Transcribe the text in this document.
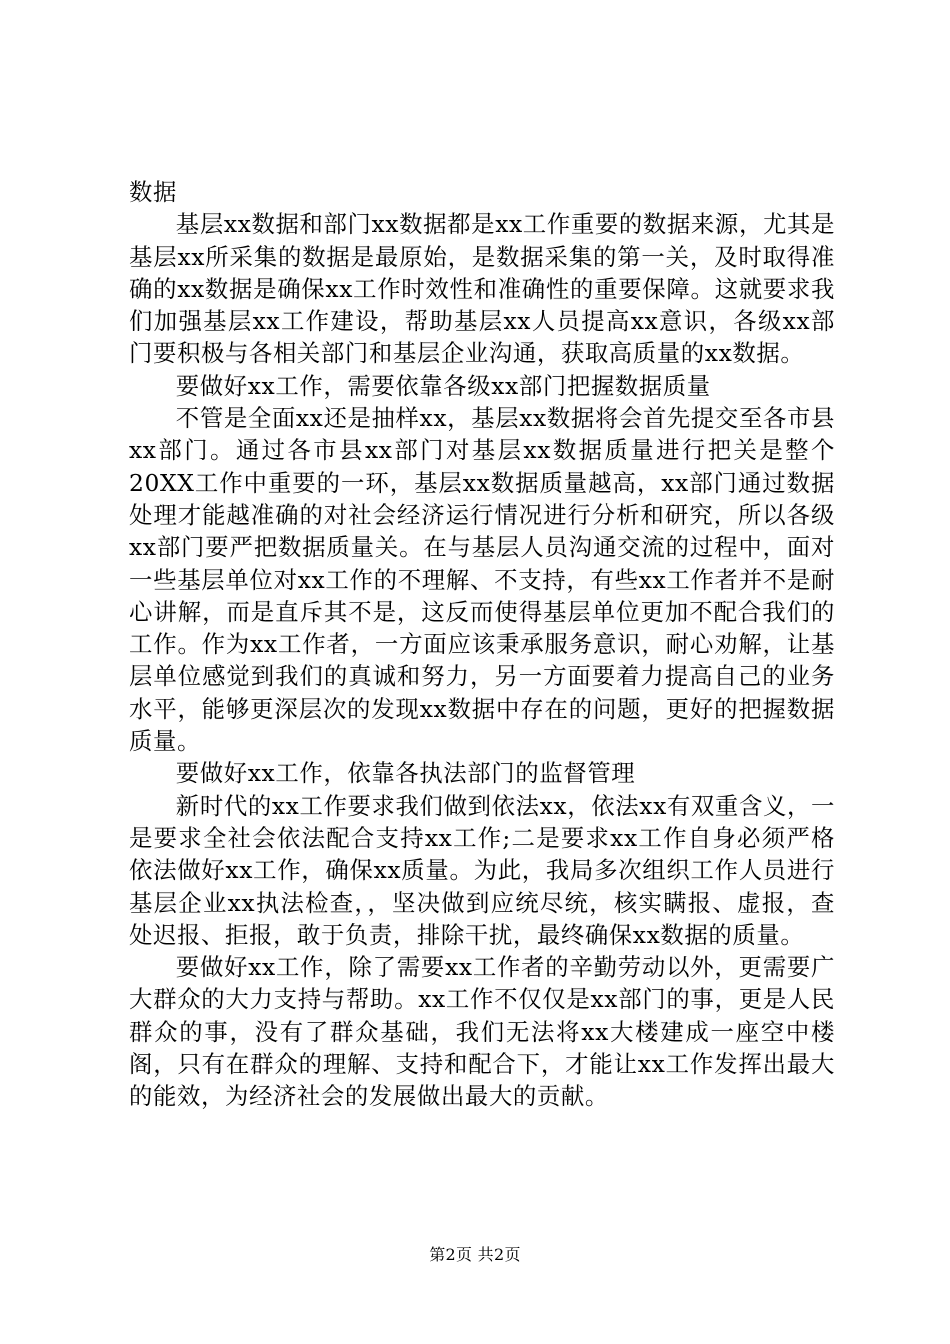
数据

基层xx数据和部门xx数据都是xx工作重要的数据来源，尤其是基层xx所采集的数据是最原始，是数据采集的第一关，及时取得准确的xx数据是确保xx工作时效性和准确性的重要保障。这就要求我们加强基层xx工作建设，帮助基层xx人员提高xx意识，各级xx部门要积极与各相关部门和基层企业沟通，获取高质量的xx数据。

要做好xx工作，需要依靠各级xx部门把握数据质量

不管是全面xx还是抽样xx，基层xx数据将会首先提交至各市县xx部门。通过各市县xx部门对基层xx数据质量进行把关是整个20XX工作中重要的一环，基层xx数据质量越高，xx部门通过数据处理才能越准确的对社会经济运行情况进行分析和研究，所以各级xx部门要严把数据质量关。在与基层人员沟通交流的过程中，面对一些基层单位对xx工作的不理解、不支持，有些xx工作者并不是耐心讲解，而是直斥其不是，这反而使得基层单位更加不配合我们的工作。作为xx工作者，一方面应该秉承服务意识，耐心劝解，让基层单位感觉到我们的真诚和努力，另一方面要着力提高自己的业务水平，能够更深层次的发现xx数据中存在的问题，更好的把握数据质量。

要做好xx工作，依靠各执法部门的监督管理

新时代的xx工作要求我们做到依法xx，依法xx有双重含义，一是要求全社会依法配合支持xx工作;二是要求xx工作自身必须严格依法做好xx工作，确保xx质量。为此，我局多次组织工作人员进行基层企业xx执法检查，，坚决做到应统尽统，核实瞒报、虚报，查处迟报、拒报，敢于负责，排除干扰，最终确保xx数据的质量。

要做好xx工作，除了需要xx工作者的辛勤劳动以外，更需要广大群众的大力支持与帮助。xx工作不仅仅是xx部门的事，更是人民群众的事，没有了群众基础，我们无法将xx大楼建成一座空中楼阁，只有在群众的理解、支持和配合下，才能让xx工作发挥出最大的能效，为经济社会的发展做出最大的贡献。

第2页 共2页
